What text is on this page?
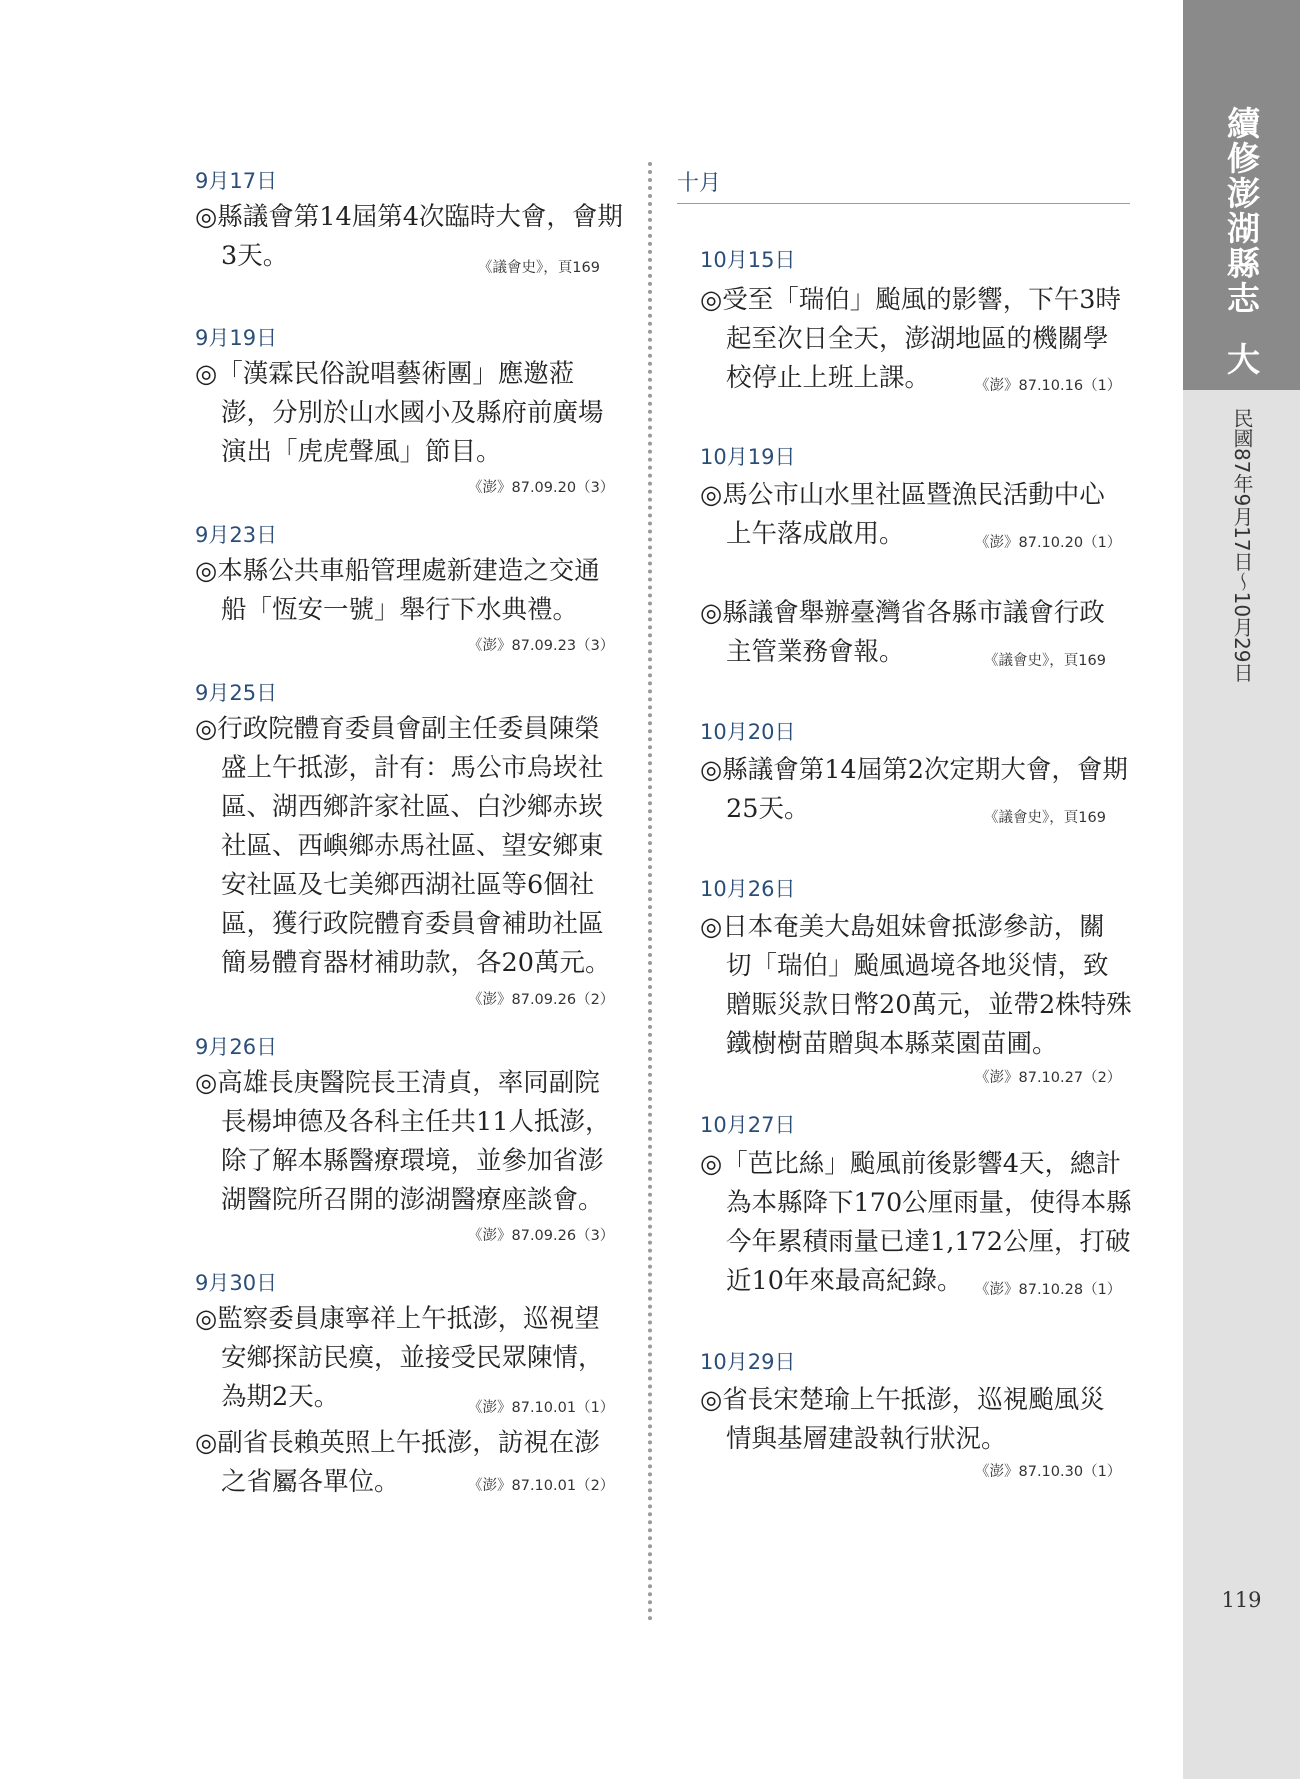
續修澎湖縣志大事記
民國87年9月17日～10月29日
119
9月17日
◎縣議會第14屆第4次臨時大會，會期
3天。	《議會史》，頁169
9月19日
◎「漢霖民俗說唱藝術團」應邀蒞
澎，分別於山水國小及縣府前廣場
演出「虎虎聲風」節目。
《澎》87.09.20（3）
9月23日
◎本縣公共車船管理處新建造之交通
船「恆安一號」舉行下水典禮。
《澎》87.09.23（3）
9月25日
◎行政院體育委員會副主任委員陳榮
盛上午抵澎，計有：馬公市烏崁社
區、湖西鄉許家社區、白沙鄉赤崁
社區、西嶼鄉赤馬社區、望安鄉東
安社區及七美鄉西湖社區等6個社
區，獲行政院體育委員會補助社區
簡易體育器材補助款，各20萬元。
《澎》87.09.26（2）
9月26日
◎高雄長庚醫院長王清貞，率同副院
長楊坤德及各科主任共11人抵澎，
除了解本縣醫療環境，並參加省澎
湖醫院所召開的澎湖醫療座談會。
《澎》87.09.26（3）
9月30日
◎監察委員康寧祥上午抵澎，巡視望
安鄉探訪民瘼，並接受民眾陳情，
為期2天。	《澎》87.10.01（1）
◎副省長賴英照上午抵澎，訪視在澎
之省屬各單位。	《澎》87.10.01（2）
十月
10月15日
◎受至「瑞伯」颱風的影響，下午3時
起至次日全天，澎湖地區的機關學
校停止上班上課。	《澎》87.10.16（1）
10月19日
◎馬公市山水里社區暨漁民活動中心
上午落成啟用。	《澎》87.10.20（1）
◎縣議會舉辦臺灣省各縣市議會行政
主管業務會報。	《議會史》，頁169
10月20日
◎縣議會第14屆第2次定期大會，會期
25天。	《議會史》，頁169
10月26日
◎日本奄美大島姐妹會抵澎參訪，關
切「瑞伯」颱風過境各地災情，致
贈賑災款日幣20萬元，並帶2株特殊
鐵樹樹苗贈與本縣菜園苗圃。
《澎》87.10.27（2）
10月27日
◎「芭比絲」颱風前後影響4天，總計
為本縣降下170公厘雨量，使得本縣
今年累積雨量已達1,172公厘，打破
近10年來最高紀錄。 《澎》87.10.28（1）
10月29日
◎省長宋楚瑜上午抵澎，巡視颱風災
情與基層建設執行狀況。
《澎》87.10.30（1）
